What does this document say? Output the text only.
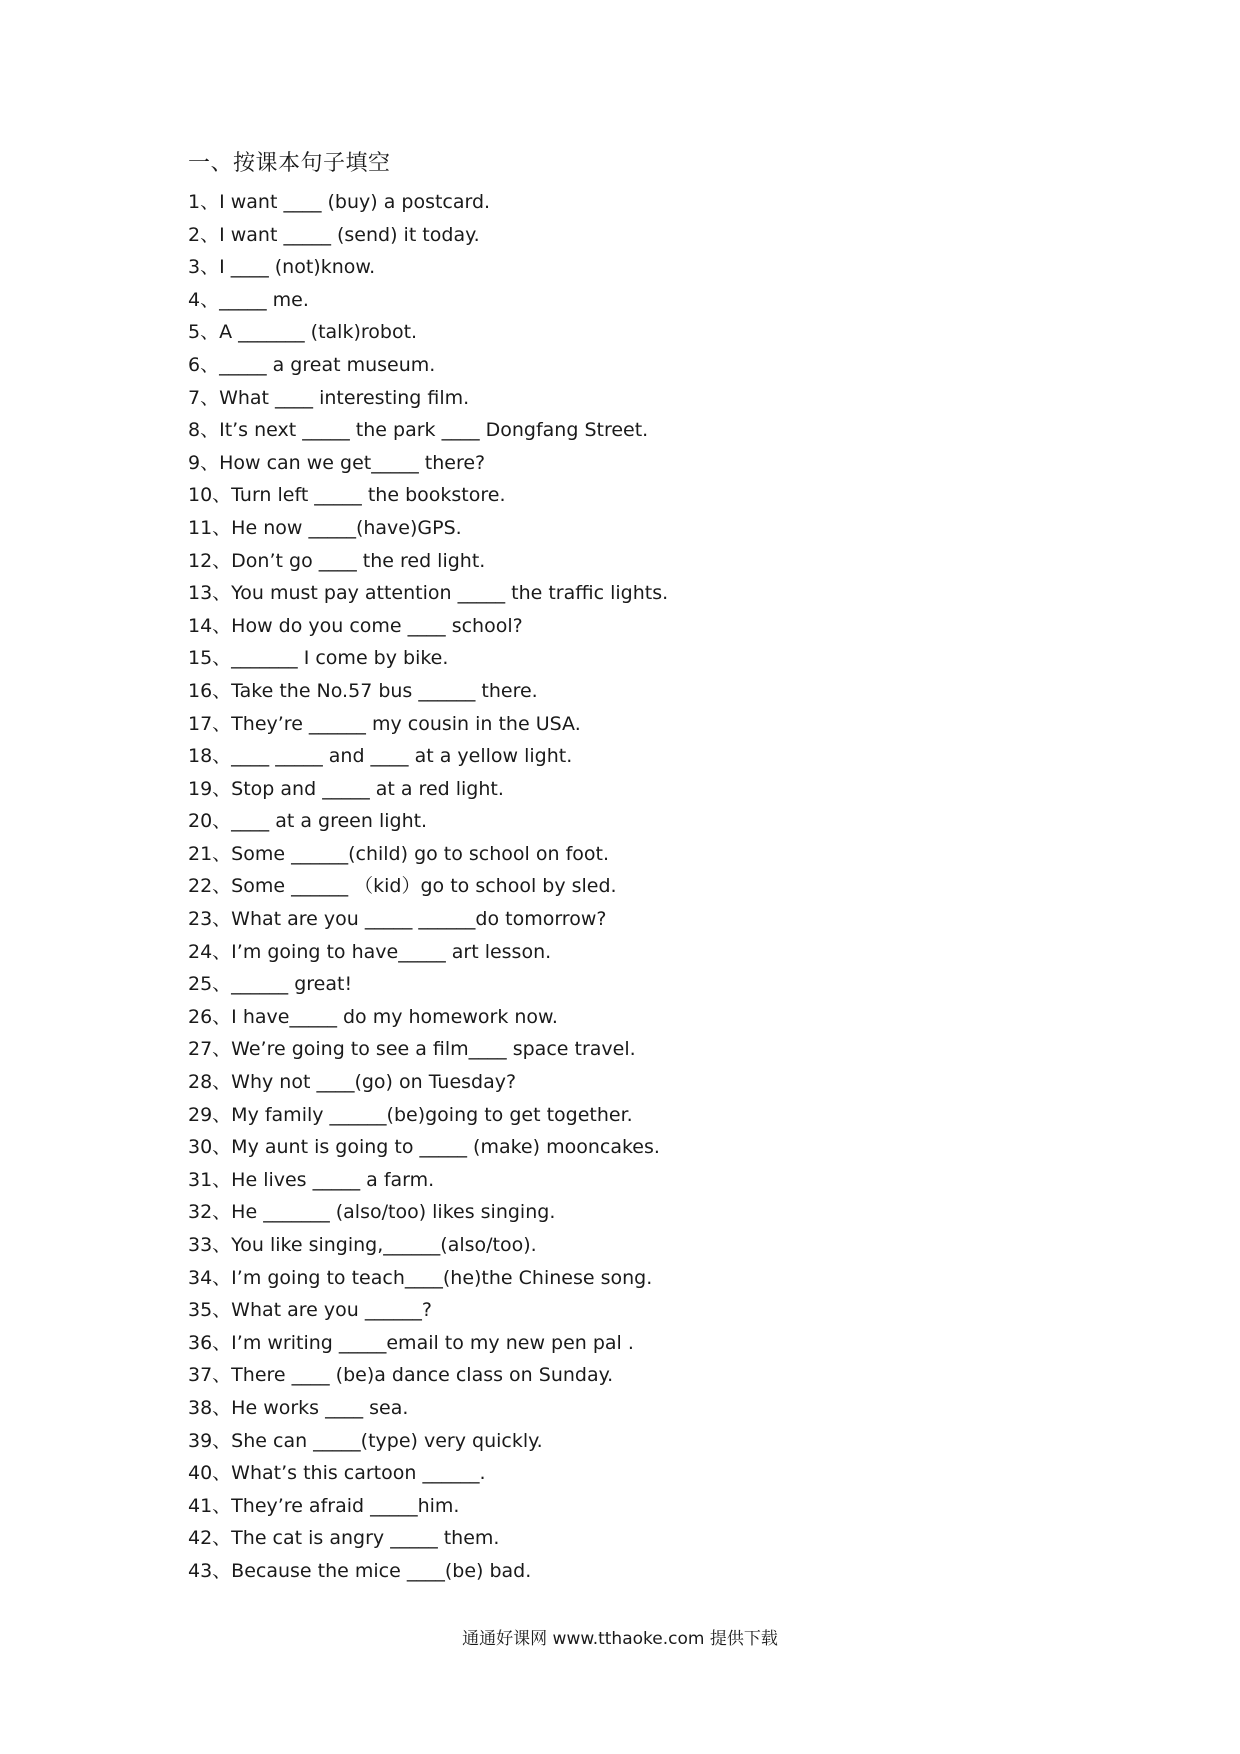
一、按课本句子填空
1、I want ____ (buy) a postcard.
2、I want _____ (send) it today.
3、I ____ (not)know.
4、_____ me.
5、A _______ (talk)robot.
6、_____ a great museum.
7、What ____ interesting film.
8、It’s next _____ the park ____ Dongfang Street.
9、How can we get_____ there?
10、Turn left _____ the bookstore.
11、He now _____(have)GPS.
12、Don’t go ____ the red light.
13、You must pay attention _____ the traffic lights.
14、How do you come ____ school?
15、_______ I come by bike.
16、Take the No.57 bus ______ there.
17、They’re ______ my cousin in the USA.
18、____ _____ and ____ at a yellow light.
19、Stop and _____ at a red light.
20、____ at a green light.
21、Some ______(child) go to school on foot.
22、Some ______ （kid）go to school by sled.
23、What are you _____ ______do tomorrow?
24、I’m going to have_____ art lesson.
25、______ great!
26、I have_____ do my homework now.
27、We’re going to see a film____ space travel.
28、Why not ____(go) on Tuesday?
29、My family ______(be)going to get together.
30、My aunt is going to _____ (make) mooncakes.
31、He lives _____ a farm.
32、He _______ (also/too) likes singing.
33、You like singing,______(also/too).
34、I’m going to teach____(he)the Chinese song.
35、What are you ______?
36、I’m writing _____email to my new pen pal .
37、There ____ (be)a dance class on Sunday.
38、He works ____ sea.
39、She can _____(type) very quickly.
40、What’s this cartoon ______.
41、They’re afraid _____him.
42、The cat is angry _____ them.
43、Because the mice ____(be) bad.
通通好课网 www.tthaoke.com 提供下载
